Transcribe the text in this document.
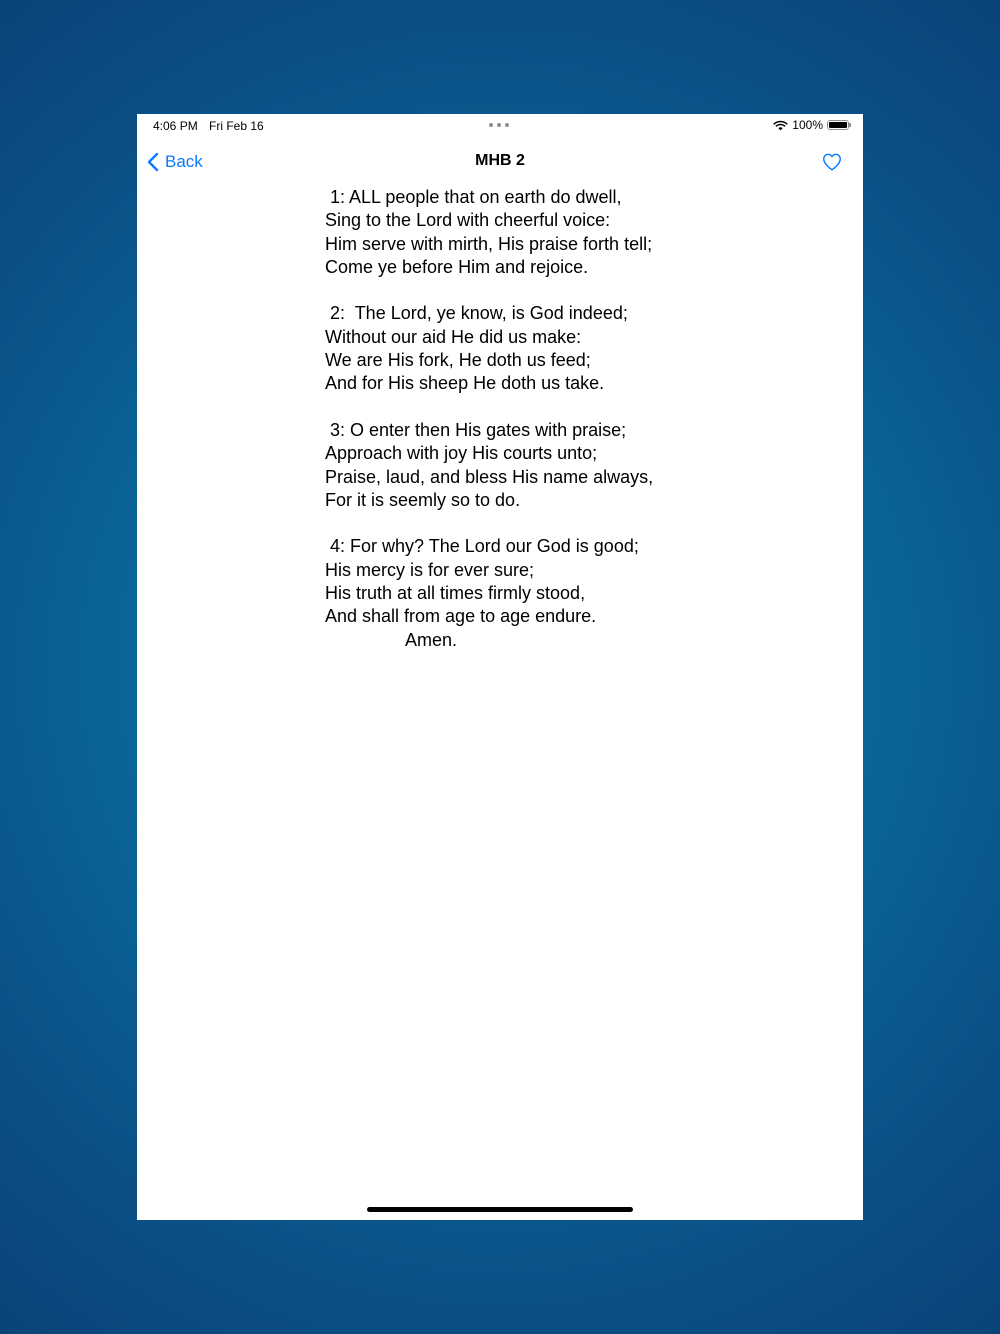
4:06 PM Fri Feb 16	100%
Back	MHB 2
1: ALL people that on earth do dwell,
Sing to the Lord with cheerful voice:
Him serve with mirth, His praise forth tell;
Come ye before Him and rejoice.
2:  The Lord, ye know, is God indeed;
Without our aid He did us make:
We are His fork, He doth us feed;
And for His sheep He doth us take.
3: O enter then His gates with praise;
Approach with joy His courts unto;
Praise, laud, and bless His name always,
For it is seemly so to do.
4: For why? The Lord our God is good;
His mercy is for ever sure;
His truth at all times firmly stood,
And shall from age to age endure.
Amen.
